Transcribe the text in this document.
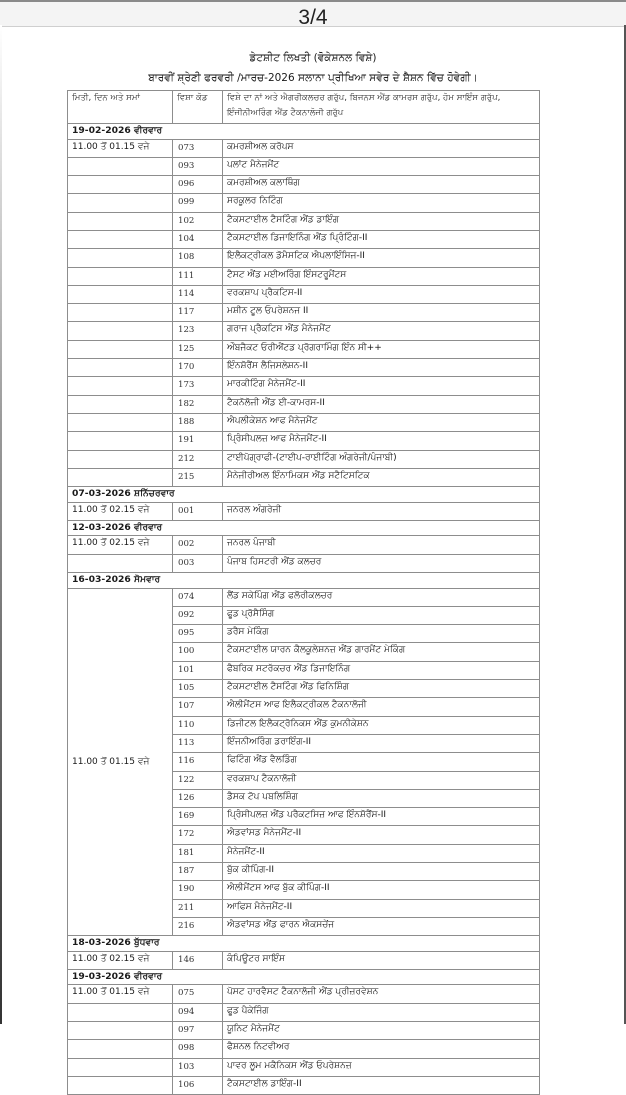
3/4
ਡੇਟਸ਼ੀਟ ਲਿਖਤੀ (ਵੋਕੇਸ਼ਨਲ ਵਿਸ਼ੇ)
ਬਾਰਵੀਂ ਸ਼੍ਰੇਣੀ ਫਰਵਰੀ /ਮਾਰਚ-2026 ਸਲਾਨਾ ਪ੍ਰੀਖਿਆ ਸਵੇਰ ਦੇ ਸ਼ੈਸ਼ਨ ਵਿੱਚ ਹੋਵੇਗੀ।
ਮਿਤੀ, ਦਿਨ ਅਤੇ ਸਮਾਂ	ਵਿਸ਼ਾ ਕੋਡ	ਵਿਸ਼ੇ ਦਾ ਨਾਂ ਅਤੇ ਐਗਰੀਕਲਚਰ ਗਰੁੱਪ, ਬਿਜਨਸ ਐਂਡ ਕਾਮਰਸ ਗਰੁੱਪ, ਹੋਮ ਸਾਇੰਸ ਗਰੁੱਪ, ਇੰਜੀਨੀਅਰਿੰਗ ਐਂਡ ਟੈਕਨਾਲੋਜੀ ਗਰੁੱਪ
19-02-2026 ਵੀਰਵਾਰ		
11.00 ਤੋਂ 01.15 ਵਜੇ	073	ਕਮਰਸ਼ੀਅਲ ਕਰੋਪਸ
	093	ਪਲਾਂਟ ਮੈਨੇਜਮੈਂਟ
	096	ਕਮਰਸ਼ੀਅਲ ਕਲਾਥਿੰਗ
	099	ਸਰਕੂਲਰ ਨਿਟਿੰਗ
	102	ਟੈਕਸਟਾਈਲ ਟੈਸਟਿੰਗ ਐਂਡ ਡਾਇੰਗ
	104	ਟੈਕਸਟਾਈਲ ਡਿਜਾਇਨਿੰਗ ਐਂਡ ਪ੍ਰਿੰਟਿੰਗ-II
	108	ਇਲੈਕਟ੍ਰੀਕਲ ਡੋਮੈਸਟਿਕ ਐਪਲਾਇੰਸਿਜ-II
	111	ਟੈਸਟ ਐਂਡ ਮਈਅਰਿੰਗ ਇੰਸਟਰੂਮੈਂਟਸ
	114	ਵਰਕਸ਼ਾਪ ਪ੍ਰੈਕਟਿਸ-II
	117	ਮਸ਼ੀਨ ਟੂਲ ਓਪਰੇਸ਼ਨਜ II
	123	ਗਰਾਜ ਪ੍ਰੈਕਟਿਸ ਐਂਡ ਮੈਨੇਜਮੈਂਟ
	125	ਔਬਜੈਕਟ ਓਰੀਐਂਟਡ ਪ੍ਰੋਗਰਾਮਿੰਗ ਇੰਨ ਸੀ++
	170	ਇੰਨਸ਼ੋਰੈਂਸ ਲੈਜਿਸਲੇਸ਼ਨ-II
	173	ਮਾਰਕੀਟਿੰਗ ਮੈਨੇਜਮੈਂਟ-II
	182	ਟੈਕਨੋਲੋਜੀ ਐਂਡ ਈ-ਕਾਮਰਸ-II
	188	ਐਪਲੀਕੇਸ਼ਨ ਆਫ ਮੈਨੇਜਮੈਂਟ
	191	ਪ੍ਰਿੰਸੀਪਲਜ਼ ਆਫ ਮੈਨੇਜਮੈਂਟ-II
	212	ਟਾਈਪੋਗ੍ਰਾਫੀ-(ਟਾਈਪ-ਰਾਈਟਿੰਗ ਅੰਗਰੇਜੀ/ਪੰਜਾਬੀ)
	215	ਮੈਨੇਜੀਰੀਅਲ ਇੰਨਾਮਿਕਸ ਐਂਡ ਸਟੈਟਿਸਟਿਕ
07-03-2026 ਸ਼ਨਿੱਚਰਵਾਰ		
11.00 ਤੋਂ 02.15 ਵਜੇ	001	ਜਨਰਲ ਅੰਗਰੇਜੀ
12-03-2026 ਵੀਰਵਾਰ		
11.00 ਤੋਂ 02.15 ਵਜੇ	002	ਜਨਰਲ ਪੰਜਾਬੀ
	003	ਪੰਜਾਬ ਹਿਸਟਰੀ ਐਂਡ ਕਲਚਰ
16-03-2026 ਸੋਮਵਾਰ		
11.00 ਤੋਂ 01.15 ਵਜੇ	074	ਲੈਂਡ ਸਕੇਪਿੰਗ ਐਂਡ ਫਲੋਰੀਕਲਚਰ
	092	ਫੂਡ ਪ੍ਰੋਸੈਸਿੰਗ
	095	ਡਰੈਸ ਮੇਕਿੰਗ
	100	ਟੈਕਸਟਾਈਲ ਯਾਰਨ ਕੈਲਕੂਲੇਸ਼ਨਜ਼ ਐਂਡ ਗਾਰਮੈਂਟ ਮੇਕਿੰਗ
	101	ਫੈਬਰਿਕ ਸਟਰੱਕਚਰ ਐਂਡ ਡਿਜਾਇਨਿੰਗ
	105	ਟੈਕਸਟਾਈਲ ਟੈਸਟਿੰਗ ਐਂਡ ਫਿਨਿਸ਼ਿੰਗ
	107	ਐਲੀਮੈਂਟਸ ਆਫ ਇਲੈਕਟ੍ਰੀਕਲ ਟੈਕਨਾਲੋਜੀ
	110	ਡਿਜੀਟਲ ਇਲੈਕਟ੍ਰੋਨਿਕਸ ਐਂਡ ਕੁਮਨੀਕੇਸ਼ਨ
	113	ਇੰਜਨੀਅਰਿੰਗ ਡਰਾਇੰਗ-II
	116	ਫਿਟਿੰਗ ਐਂਡ ਵੈਲਡਿੰਗ
	122	ਵਰਕਸ਼ਾਪ ਟੈਕਨਾਲੋਜੀ
	126	ਡੈਸਕ ਟੋਪ ਪਬਲਿਸ਼ਿੰਗ
	169	ਪ੍ਰਿੰਸੀਪਲਜ਼ ਐਂਡ ਪਰੈਕਟਸਿਜ਼ ਆਫ ਇੰਨਸ਼ੋਰੈਂਸ-II
	172	ਐਡਵਾਂਸਡ ਮੈਨੇਜਮੈਂਟ-II
	181	ਮੈਨੇਜਮੈਂਟ-II
	187	ਬੁੱਕ ਕੀਪਿੰਗ-II
	190	ਐਲੀਮੈਂਟਸ ਆਫ ਬੁੱਕ ਕੀਪਿੰਗ-II
	211	ਆਫਿਸ ਮੈਨੇਜਮੈਂਟ-II
	216	ਐਡਵਾਂਸਡ ਐਂਡ ਫਾਰਨ ਐਕਸਚੇਂਜ
18-03-2026 ਬੁੱਧਵਾਰ		
11.00 ਤੋਂ 02.15 ਵਜੇ	146	ਕੰਪਿਊਟਰ ਸਾਇੰਸ
19-03-2026 ਵੀਰਵਾਰ		
11.00 ਤੋਂ 01.15 ਵਜੇ	075	ਪੋਸਟ ਹਾਰਵੈਸਟ ਟੈਕਨਾਲੋਜੀ ਐਂਡ ਪ੍ਰੀਜ਼ਰਵੇਸ਼ਨ
	094	ਫੂਡ ਪੈਕੇਜਿੰਗ
	097	ਯੂਨਿਟ ਮੈਨੇਜਮੈਂਟ
	098	ਫੈਸ਼ਨਲ ਨਿਟਵੀਅਰ
	103	ਪਾਵਰ ਲੂਮ ਮਕੈਨਿਕਸ ਐਂਡ ਓਪਰੇਸ਼ਨਜ਼
	106	ਟੈਕਸਟਾਈਲ ਡਾਇੰਗ-II
